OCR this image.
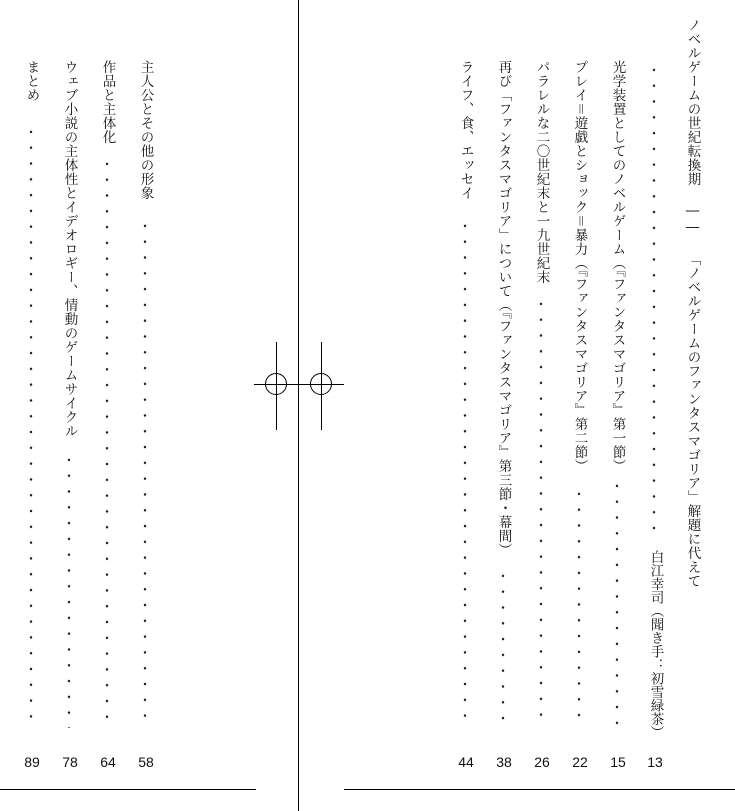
ノベルゲームの世紀転換期 ―― 「ノベルゲームのファンタスマゴリア」解題に代えて
白江幸司（聞き手：初雪緑茶）
13
光学装置としてのノベルゲーム（『ファンタスマゴリア』第一節）
15
プレイ＝遊戯とショック＝暴力（『ファンタスマゴリア』第二節）
22
パラレルな二〇世紀末と一九世紀末
26
再び「ファンタスマゴリア」について（『ファンタスマゴリア』第三節・幕間）
38
ライフ、食、エッセイ
44
主人公とその他の形象
58
作品と主体化
64
ウェブ小説の主体性とイデオロギー、情動のゲームサイクル
78
まとめ
89
